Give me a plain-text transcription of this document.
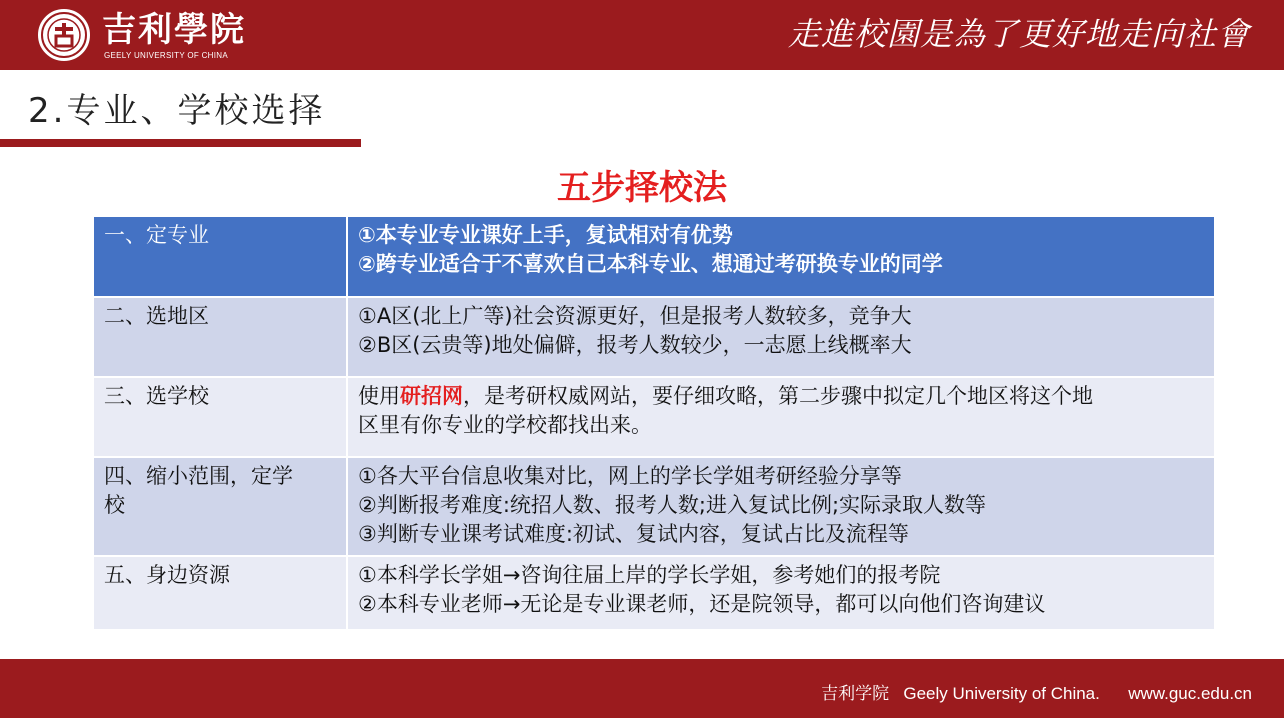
吉利學院
GEELY UNIVERSITY OF CHINA
走進校園是為了更好地走向社會
2.专业、学校选择
五步择校法
一、定专业	①本专业专业课好上手，复试相对有优势
②跨专业适合于不喜欢自己本科专业、想通过考研换专业的同学

二、选地区	①A区(北上广等)社会资源更好，但是报考人数较多，竞争大
②B区(云贵等)地处偏僻，报考人数较少，一志愿上线概率大

三、选学校	使用研招网，是考研权威网站，要仔细攻略，第二步骤中拟定几个地区将这个地
区里有你专业的学校都找出来。

四、缩小范围，定学
校	①各大平台信息收集对比，网上的学长学姐考研经验分享等
②判断报考难度:统招人数、报考人数;进入复试比例;实际录取人数等
③判断专业课考试难度:初试、复试内容，复试占比及流程等

五、身边资源	①本科学长学姐→咨询往届上岸的学长学姐，参考她们的报考院
②本科专业老师→无论是专业课老师，还是院领导，都可以向他们咨询建议
吉利学院   Geely University of China.      www.guc.edu.cn
